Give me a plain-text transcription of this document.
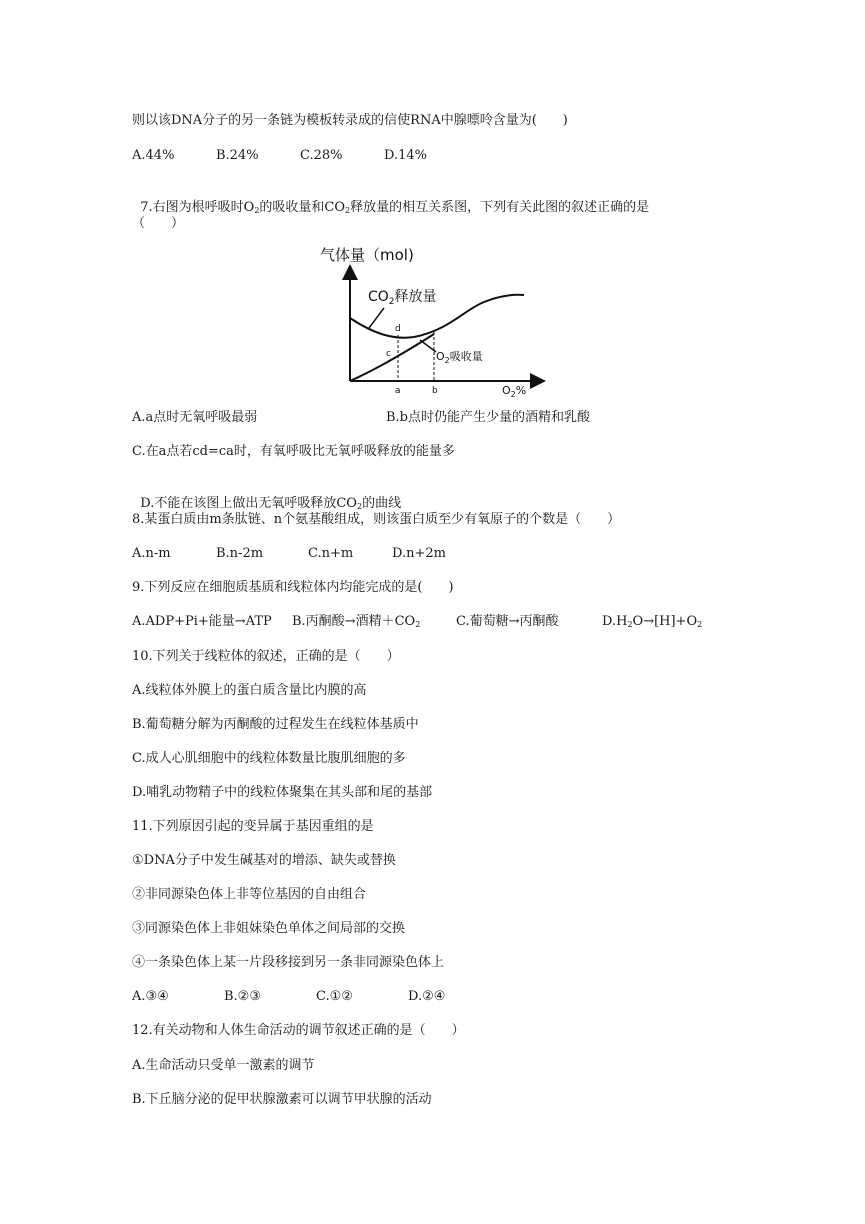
则以该DNA分子的另一条链为模板转录成的信使RNA中腺嘌呤含量为(　　)
A.44%	B.24%	C.28%	D.14%

7.右图为根呼吸时$O_2$的吸收量和$CO_2$释放量的相互关系图，下列有关此图的叙述正确的是

（　　）
气体量（mol)
$CO_2$释放量
$O_2$吸收量
d
c
a	b	$O_2\%$
A.a点时无氧呼吸最弱	B.b点时仍能产生少量的酒精和乳酸
C.在a点若cd=ca时，有氧呼吸比无氧呼吸释放的能量多

D.不能在该图上做出无氧呼吸释放$CO_2$的曲线

8.某蛋白质由m条肽链、n个氨基酸组成，则该蛋白质至少有氧原子的个数是（　　）
A.n-m	B.n-2m	C.n+m	D.n+2m
9.下列反应在细胞质基质和线粒体内均能完成的是(　　)
A.ADP+Pi+能量→ATP B.丙酮酸→酒精$+CO_2$	C.葡萄糖→丙酮酸	$D.H_2O\to[H]+O_2$
10.下列关于线粒体的叙述，正确的是（　　）
A.线粒体外膜上的蛋白质含量比内膜的高
B.葡萄糖分解为丙酮酸的过程发生在线粒体基质中
C.成人心肌细胞中的线粒体数量比腹肌细胞的多
D.哺乳动物精子中的线粒体聚集在其头部和尾的基部
11.下列原因引起的变异属于基因重组的是
①DNA分子中发生碱基对的增添、缺失或替换
②非同源染色体上非等位基因的自由组合
③同源染色体上非姐妹染色单体之间局部的交换
④一条染色体上某一片段移接到另一条非同源染色体上
A.③④	B.②③	C.①②	D.②④
12.有关动物和人体生命活动的调节叙述正确的是（　　）
A.生命活动只受单一激素的调节
B.下丘脑分泌的促甲状腺激素可以调节甲状腺的活动
